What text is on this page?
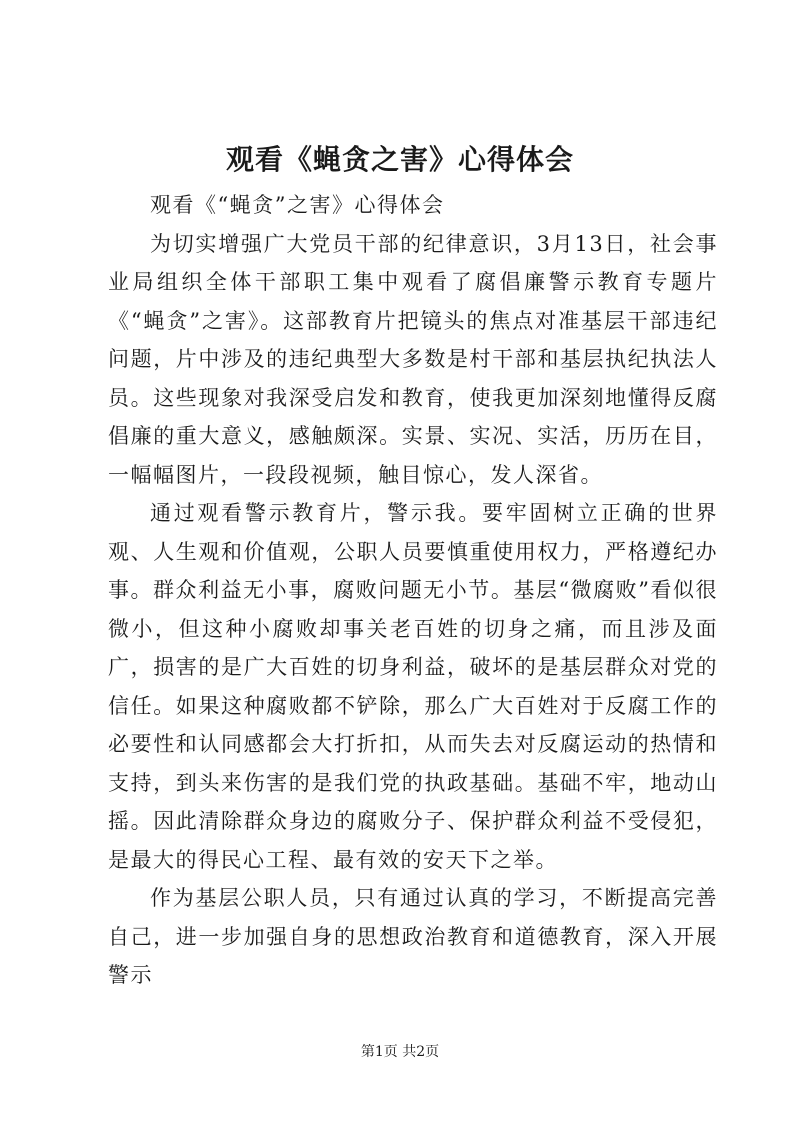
观看《蝇贪之害》心得体会

观看《“蝇贪”之害》心得体会

为切实增强广大党员干部的纪律意识，3月13日，社会事业局组织全体干部职工集中观看了腐倡廉警示教育专题片《“蝇贪”之害》。这部教育片把镜头的焦点对准基层干部违纪问题，片中涉及的违纪典型大多数是村干部和基层执纪执法人员。这些现象对我深受启发和教育，使我更加深刻地懂得反腐倡廉的重大意义，感触颇深。实景、实况、实活，历历在目，一幅幅图片，一段段视频，触目惊心，发人深省。

通过观看警示教育片，警示我。要牢固树立正确的世界观、人生观和价值观，公职人员要慎重使用权力，严格遵纪办事。群众利益无小事，腐败问题无小节。基层“微腐败”看似很微小，但这种小腐败却事关老百姓的切身之痛，而且涉及面广，损害的是广大百姓的切身利益，破坏的是基层群众对党的信任。如果这种腐败都不铲除，那么广大百姓对于反腐工作的必要性和认同感都会大打折扣，从而失去对反腐运动的热情和支持，到头来伤害的是我们党的执政基础。基础不牢，地动山摇。因此清除群众身边的腐败分子、保护群众利益不受侵犯，是最大的得民心工程、最有效的安天下之举。

作为基层公职人员，只有通过认真的学习，不断提高完善自己，进一步加强自身的思想政治教育和道德教育，深入开展警示

第1页 共2页
